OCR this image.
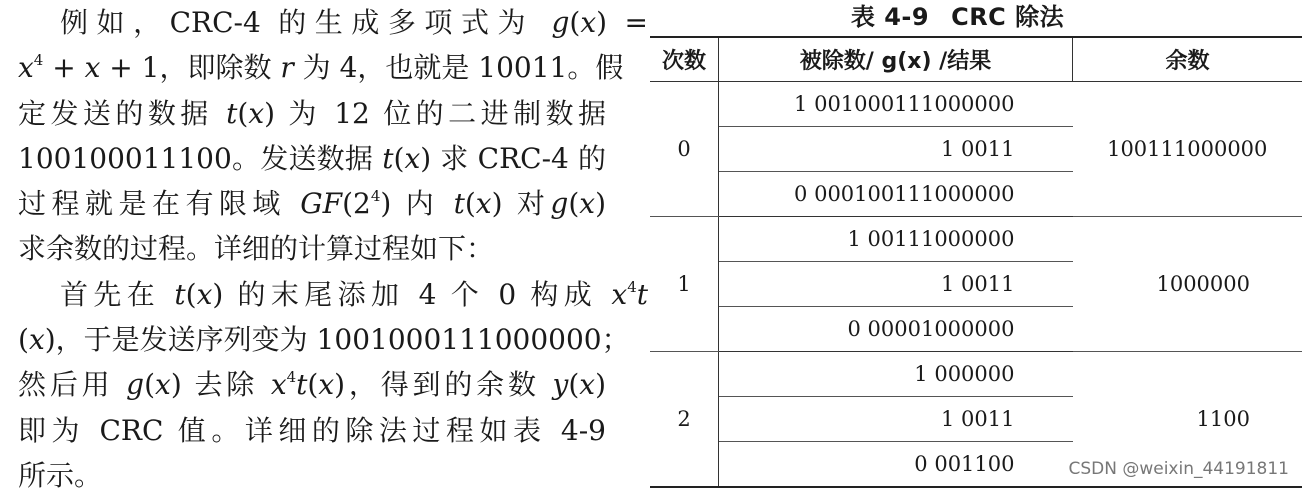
例如，CRC-4 的生成多项式为 g(x) =
$x^4 + x + 1$，即除数 r 为 4，也就是 10011。假
定发送的数据 t(x) 为 12 位的二进制数据
100100011100。发送数据 t(x) 求 CRC-4 的
过程就是在有限域 $GF(2^4)$ 内 t(x) 对g(x)
求余数的过程。详细的计算过程如下：
首先在 t(x) 的末尾添加 4 个 0 构成 $x^4t$
(x)，于是发送序列变为 1001000111000000；
然后用 g(x) 去除 $x^4t(x)$，得到的余数 y(x)
即为 CRC 值。详细的除法过程如表 4-9
所示。
表 4-9 CRC 除法
次数	被除数/ g(x) /结果	余数
0	1 001000111000000	100111000000
	1 0011	
	0 000100111000000	
1	1 00111000000	1000000
	1 0011	
	0 00001000000	
2	1 000000	1100
	1 0011	
	0 001100		CSDN @weixin_44191811
